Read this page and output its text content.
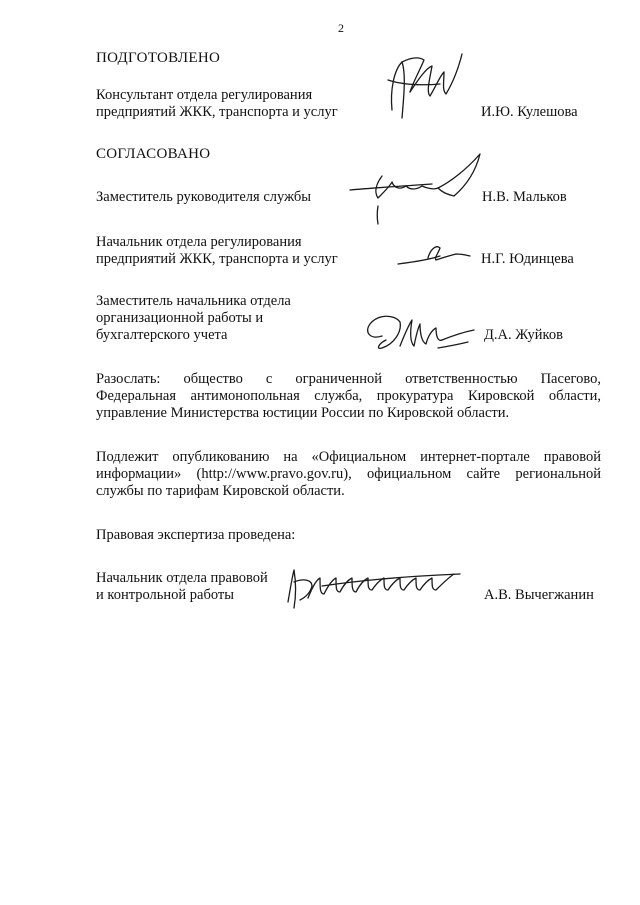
2
ПОДГОТОВЛЕНО
Консультант отдела регулирования
предприятий ЖКК, транспорта и услуг	И.Ю. Кулешова
СОГЛАСОВАНО
Заместитель руководителя службы	Н.В. Мальков
Начальник отдела регулирования
предприятий ЖКК, транспорта и услуг	Н.Г. Юдинцева
Заместитель начальника отдела
организационной работы и
бухгалтерского учета	Д.А. Жуйков
Разослать: общество с ограниченной ответственностью Пасегово,
Федеральная антимонопольная служба, прокуратура Кировской области,
управление Министерства юстиции России по Кировской области.
Подлежит опубликованию на «Официальном интернет-портале правовой
информации» (http://www.pravo.gov.ru), официальном сайте региональной
службы по тарифам Кировской области.
Правовая экспертиза проведена:
Начальник отдела правовой
и контрольной работы	А.В. Вычегжанин
